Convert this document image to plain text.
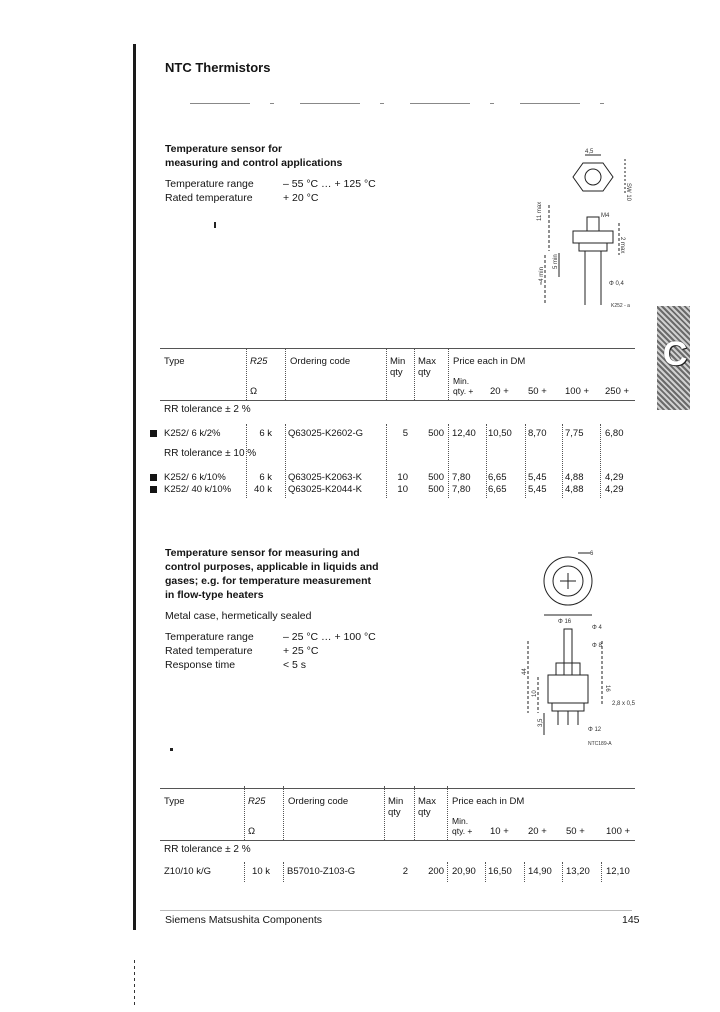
C
NTC Thermistors
Temperature sensor for
measuring and control applications
Temperature range	– 55 °C … + 125 °C
Rated temperature	+ 20 °C
4,5
SW 10
M4
2 max
11 max
5 min
≈4 min	Φ 0,4
K252 - a
Type	R25
Ω
Ordering code	Min
qty
Max
qty
Price each in DM
Min. qty. +	20 + 50 + 100 + 250 +
RR tolerance ± 2 %
K252/ 6 k/2%	6 k Q63025-K2602-G	5	500 12,40 10,50 8,70 7,75 6,80
RR tolerance ± 10 %
K252/ 6 k/10%	6 k Q63025-K2063-K	10	500 7,80 6,65 5,45 4,88 4,29
K252/ 40 k/10%	40 k Q63025-K2044-K	10	500 7,80 6,65 5,45 4,88 4,29
Temperature sensor for measuring and
control purposes, applicable in liquids and
gases; e.g. for temperature measurement
in flow-type heaters
Metal case, hermetically sealed
Temperature range	– 25 °C … + 100 °C
Rated temperature	+ 25 °C
Response time	< 5 s
6
Φ 16
Φ 4
Φ 8
16
10
3,5
Φ 12
2,8 x 0,5
44
NTC189-A
Type	R25
Ω
Ordering code	Min
qty
Max
qty
Price each in DM
Min. qty. +	10 + 20 + 50 + 100 +
RR tolerance ± 2 %
Z10/10 k/G	10 k B57010-Z103-G	2	200 20,90 16,50 14,90 13,20 12,10
Siemens Matsushita Components	145
